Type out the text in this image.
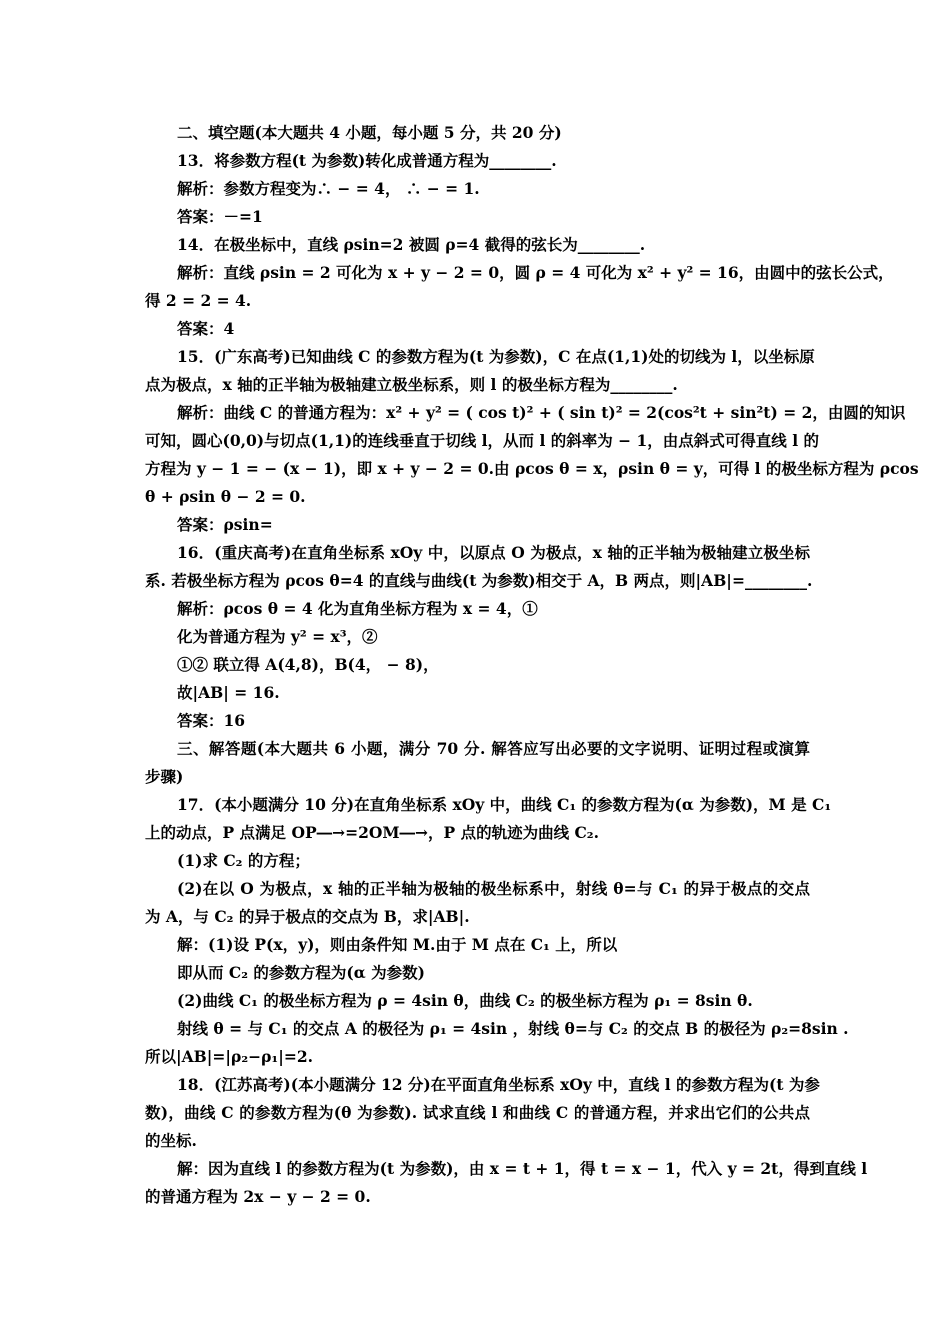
二、填空题(本大题共 4 小题，每小题 5 分，共 20 分)
13．将参数方程(t 为参数)转化成普通方程为________.
解析：参数方程变为∴ − = 4， ∴ − = 1.
答案：－=1
14．在极坐标中，直线 ρsin=2 被圆 ρ=4 截得的弦长为________.
解析：直线 ρsin = 2 可化为 x + y − 2 = 0，圆 ρ = 4 可化为 x² + y² = 16，由圆中的弦长公式，
得 2 = 2 = 4.
答案：4
15．(广东高考)已知曲线 C 的参数方程为(t 为参数)，C 在点(1,1)处的切线为 l，以坐标原
点为极点，x 轴的正半轴为极轴建立极坐标系，则 l 的极坐标方程为________.
解析：曲线 C 的普通方程为：x² + y² = ( cos t)² + ( sin t)² = 2(cos²t + sin²t) = 2，由圆的知识
可知，圆心(0,0)与切点(1,1)的连线垂直于切线 l，从而 l 的斜率为 − 1，由点斜式可得直线 l 的
方程为 y − 1 = − (x − 1)，即 x + y − 2 = 0.由 ρcos θ = x，ρsin θ = y，可得 l 的极坐标方程为 ρcos
θ + ρsin θ − 2 = 0.
答案：ρsin=
16．(重庆高考)在直角坐标系 xOy 中，以原点 O 为极点，x 轴的正半轴为极轴建立极坐标
系. 若极坐标方程为 ρcos θ=4 的直线与曲线(t 为参数)相交于 A，B 两点，则|AB|=________.
解析：ρcos θ = 4 化为直角坐标方程为 x = 4，①
化为普通方程为 y² = x³，②
①② 联立得 A(4,8)，B(4， − 8)，
故|AB| = 16.
答案：16
三、解答题(本大题共 6 小题，满分 70 分. 解答应写出必要的文字说明、证明过程或演算
步骤)
17．(本小题满分 10 分)在直角坐标系 xOy 中，曲线 C₁ 的参数方程为(α 为参数)，M 是 C₁
上的动点，P 点满足 OP―→=2OM―→，P 点的轨迹为曲线 C₂.
(1)求 C₂ 的方程；
(2)在以 O 为极点，x 轴的正半轴为极轴的极坐标系中，射线 θ=与 C₁ 的异于极点的交点
为 A，与 C₂ 的异于极点的交点为 B，求|AB|.
解：(1)设 P(x，y)，则由条件知 M.由于 M 点在 C₁ 上，所以
即从而 C₂ 的参数方程为(α 为参数)
(2)曲线 C₁ 的极坐标方程为 ρ = 4sin θ，曲线 C₂ 的极坐标方程为 ρ₁ = 8sin θ.
射线 θ = 与 C₁ 的交点 A 的极径为 ρ₁ = 4sin ，射线 θ=与 C₂ 的交点 B 的极径为 ρ₂=8sin .
所以|AB|=|ρ₂−ρ₁|=2.
18．(江苏高考)(本小题满分 12 分)在平面直角坐标系 xOy 中，直线 l 的参数方程为(t 为参
数)，曲线 C 的参数方程为(θ 为参数). 试求直线 l 和曲线 C 的普通方程，并求出它们的公共点
的坐标.
解：因为直线 l 的参数方程为(t 为参数)，由 x = t + 1，得 t = x − 1，代入 y = 2t，得到直线 l
的普通方程为 2x − y − 2 = 0.
